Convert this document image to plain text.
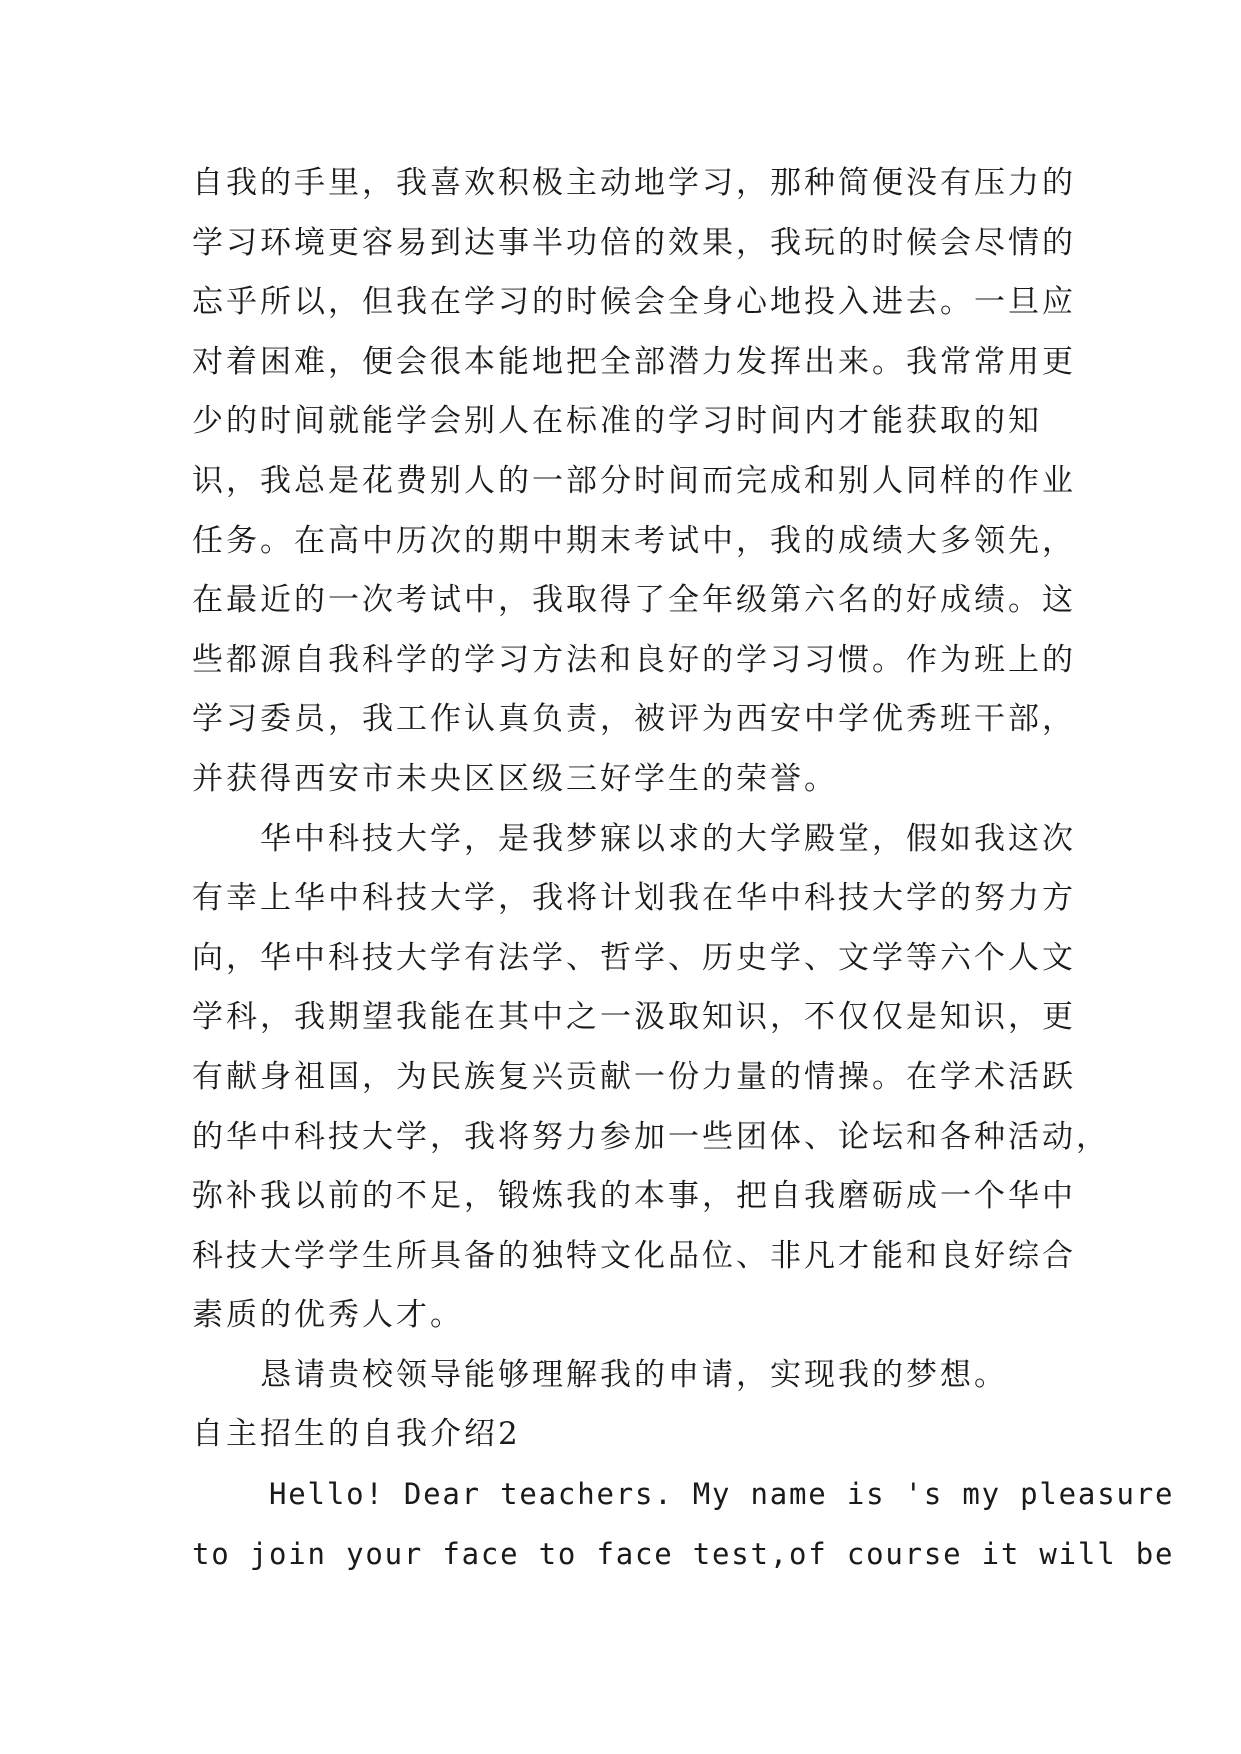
自我的手里，我喜欢积极主动地学习，那种简便没有压力的
学习环境更容易到达事半功倍的效果，我玩的时候会尽情的
忘乎所以，但我在学习的时候会全身心地投入进去。一旦应
对着困难，便会很本能地把全部潜力发挥出来。我常常用更
少的时间就能学会别人在标准的学习时间内才能获取的知
识，我总是花费别人的一部分时间而完成和别人同样的作业
任务。在高中历次的期中期末考试中，我的成绩大多领先，
在最近的一次考试中，我取得了全年级第六名的好成绩。这
些都源自我科学的学习方法和良好的学习习惯。作为班上的
学习委员，我工作认真负责，被评为西安中学优秀班干部，
并获得西安市未央区区级三好学生的荣誉。
　　华中科技大学，是我梦寐以求的大学殿堂，假如我这次
有幸上华中科技大学，我将计划我在华中科技大学的努力方
向，华中科技大学有法学、哲学、历史学、文学等六个人文
学科，我期望我能在其中之一汲取知识，不仅仅是知识，更
有献身祖国，为民族复兴贡献一份力量的情操。在学术活跃
的华中科技大学，我将努力参加一些团体、论坛和各种活动，
弥补我以前的不足，锻炼我的本事，把自我磨砺成一个华中
科技大学学生所具备的独特文化品位、非凡才能和良好综合
素质的优秀人才。
　　恳请贵校领导能够理解我的申请，实现我的梦想。
自主招生的自我介绍2
Hello! Dear teachers. My name is 's my pleasure
to join your face to face test,of course it will be
